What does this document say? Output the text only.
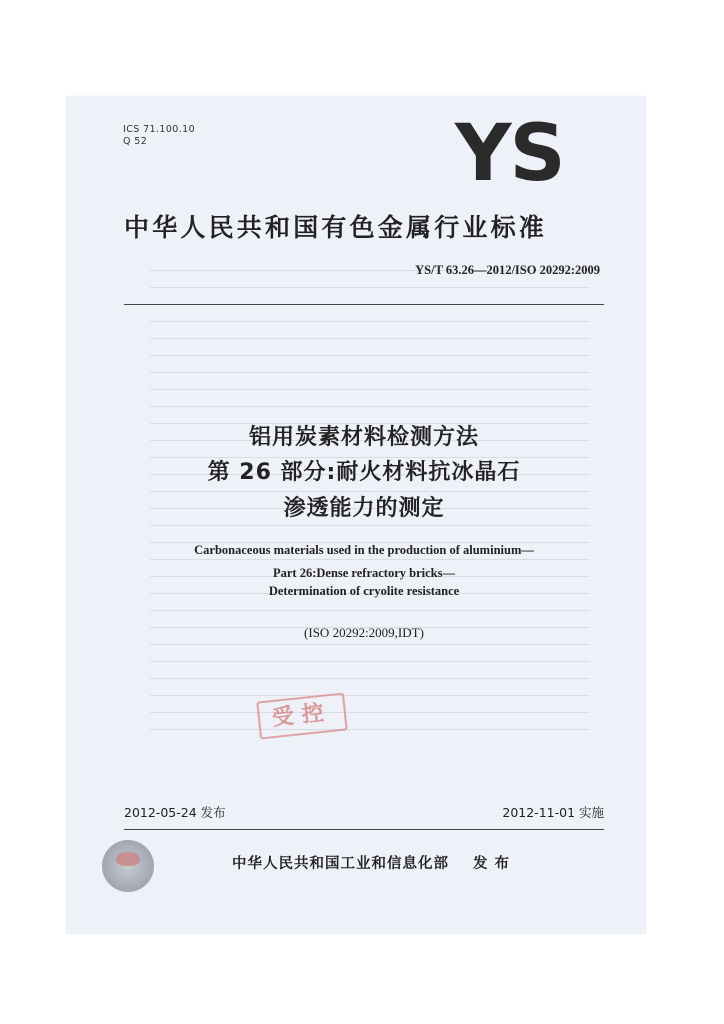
ICS 71.100.10
Q 52	YS
中华人民共和国有色金属行业标准
YS/T 63.26—2012/ISO 20292:2009
铝用炭素材料检测方法
第 26 部分:耐火材料抗冰晶石
渗透能力的测定
Carbonaceous materials used in the production of aluminium—
Part 26:Dense refractory bricks—
Determination of cryolite resistance
(ISO 20292:2009,IDT)
受控
2012-05-24 发布	2012-11-01 实施
中华人民共和国工业和信息化部 发 布
